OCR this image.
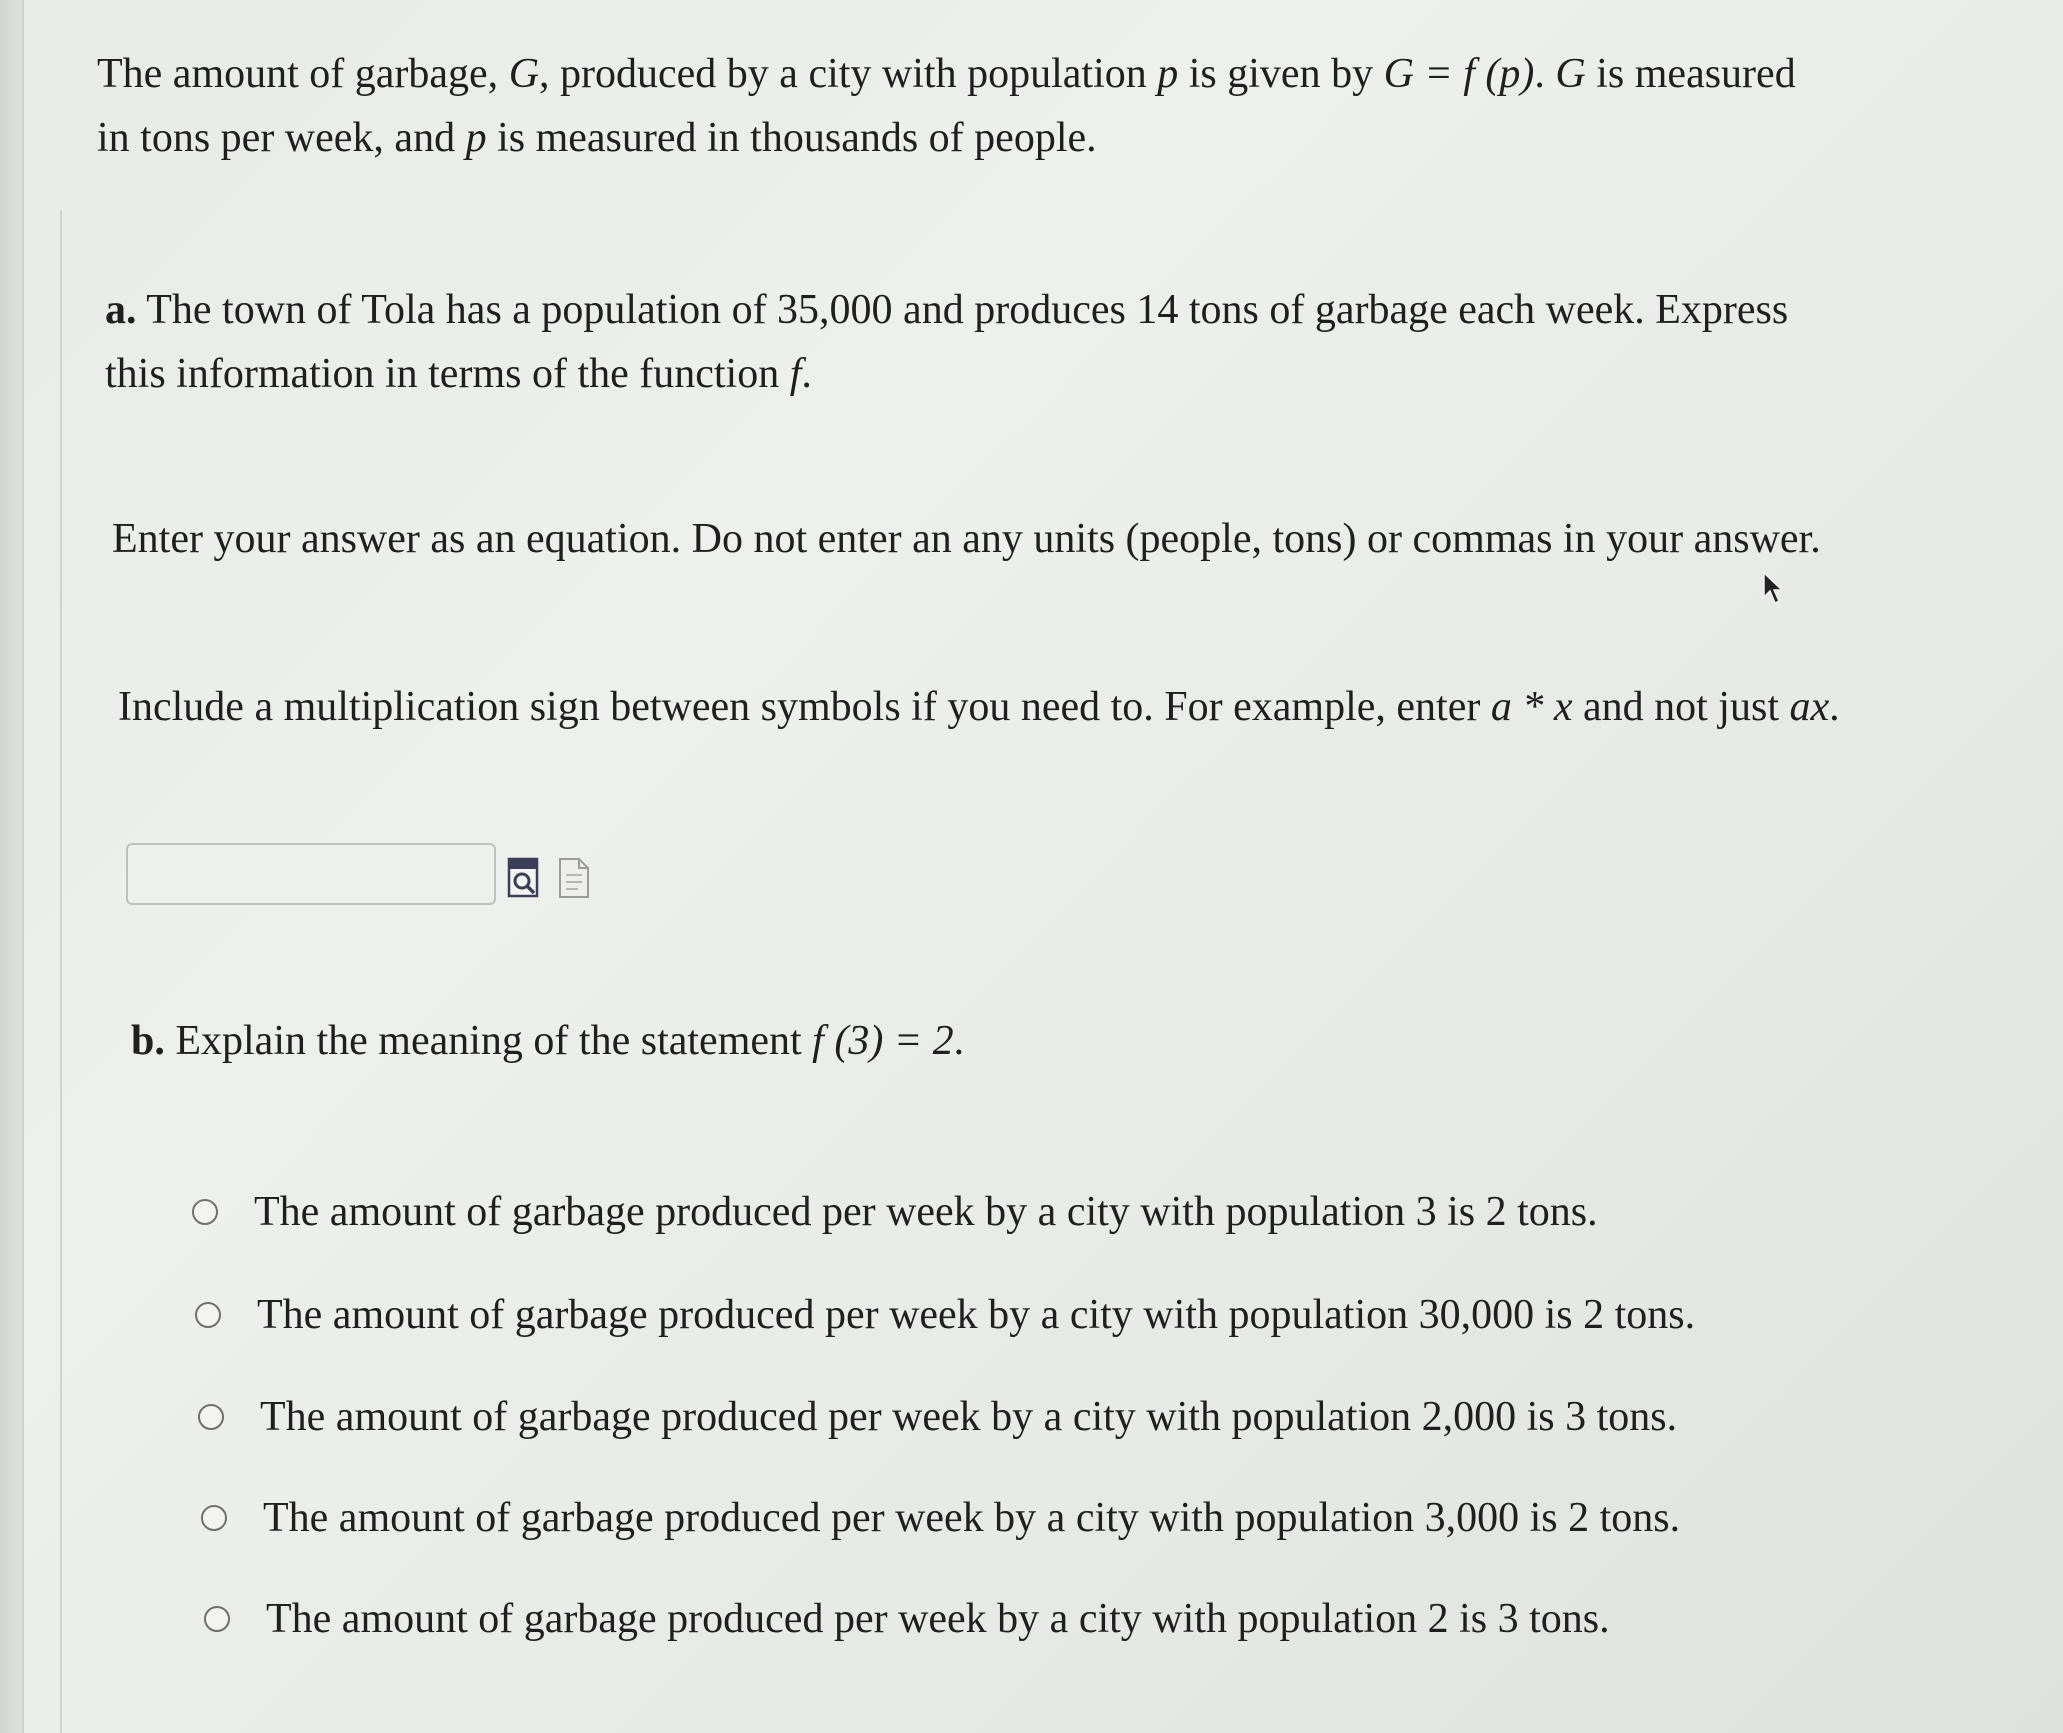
The amount of garbage, G, produced by a city with population p is given by G = f (p). G is measured
in tons per week, and p is measured in thousands of people.
a. The town of Tola has a population of 35,000 and produces 14 tons of garbage each week. Express
this information in terms of the function f.
Enter your answer as an equation. Do not enter an any units (people, tons) or commas in your answer.
Include a multiplication sign between symbols if you need to. For example, enter a * x and not just ax.
b. Explain the meaning of the statement f (3) = 2.
The amount of garbage produced per week by a city with population 3 is 2 tons.
The amount of garbage produced per week by a city with population 30,000 is 2 tons.
The amount of garbage produced per week by a city with population 2,000 is 3 tons.
The amount of garbage produced per week by a city with population 3,000 is 2 tons.
The amount of garbage produced per week by a city with population 2 is 3 tons.
